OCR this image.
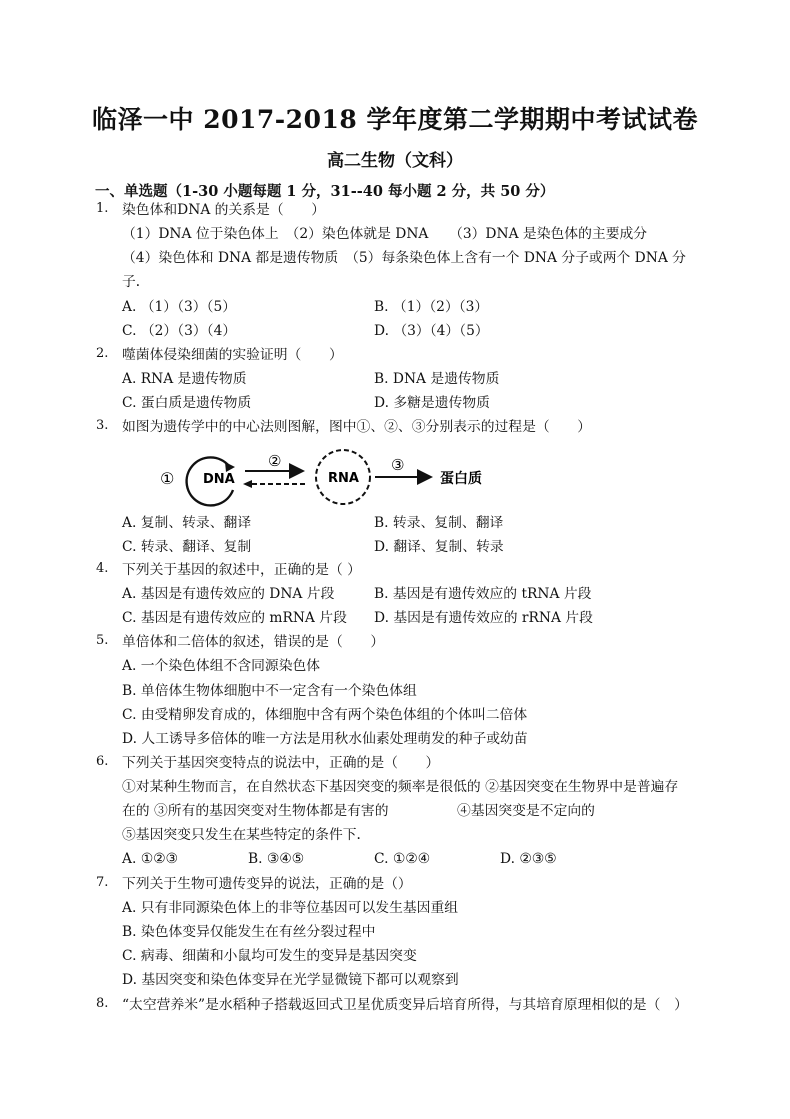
临泽一中 2017-2018 学年度第二学期期中考试试卷
高二生物（文科）
一、单选题（1-30 小题每题 1 分，31--40 每小题 2 分，共 50 分）
1. 染色体和DNA 的关系是（　　）
（1）DNA 位于染色体上　（2）染色体就是 DNA　　（3）DNA 是染色体的主要成分
（4）染色体和 DNA 都是遗传物质　（5）每条染色体上含有一个 DNA 分子或两个 DNA 分
子．
A. （1）（3）（5）	B. （1）（2）（3）
C. （2）（3）（4）	D. （3）（4）（5）
2. 噬菌体侵染细菌的实验证明（　　）
A. RNA 是遗传物质	B. DNA 是遗传物质
C. 蛋白质是遗传物质	D. 多糖是遗传物质
3. 如图为遗传学中的中心法则图解，图中①、②、③分别表示的过程是（　　）
① DNA
②
RNA
③
蛋白质
A. 复制、转录、翻译	B. 转录、复制、翻译
C. 转录、翻译、复制	D. 翻译、复制、转录
4. 下列关于基因的叙述中，正确的是（ ）
A. 基因是有遗传效应的 DNA 片段	B. 基因是有遗传效应的 tRNA 片段
C. 基因是有遗传效应的 mRNA 片段 D. 基因是有遗传效应的 rRNA 片段
5. 单倍体和二倍体的叙述，错误的是（　　）
A. 一个染色体组不含同源染色体
B. 单倍体生物体细胞中不一定含有一个染色体组
C. 由受精卵发育成的，体细胞中含有两个染色体组的个体叫二倍体
D. 人工诱导多倍体的唯一方法是用秋水仙素处理萌发的种子或幼苗
6. 下列关于基因突变特点的说法中，正确的是（　　）
①对某种生物而言，在自然状态下基因突变的频率是很低的 ②基因突变在生物界中是普遍存
在的 ③所有的基因突变对生物体都是有害的	④基因突变是不定向的
⑤基因突变只发生在某些特定的条件下．
A. ①②③	B. ③④⑤	C. ①②④	D. ②③⑤
7. 下列关于生物可遗传变异的说法，正确的是（）
A. 只有非同源染色体上的非等位基因可以发生基因重组
B. 染色体变异仅能发生在有丝分裂过程中
C. 病毒、细菌和小鼠均可发生的变异是基因突变
D. 基因突变和染色体变异在光学显微镜下都可以观察到
8. “太空营养米”是水稻种子搭载返回式卫星优质变异后培育所得，与其培育原理相似的是（　）
